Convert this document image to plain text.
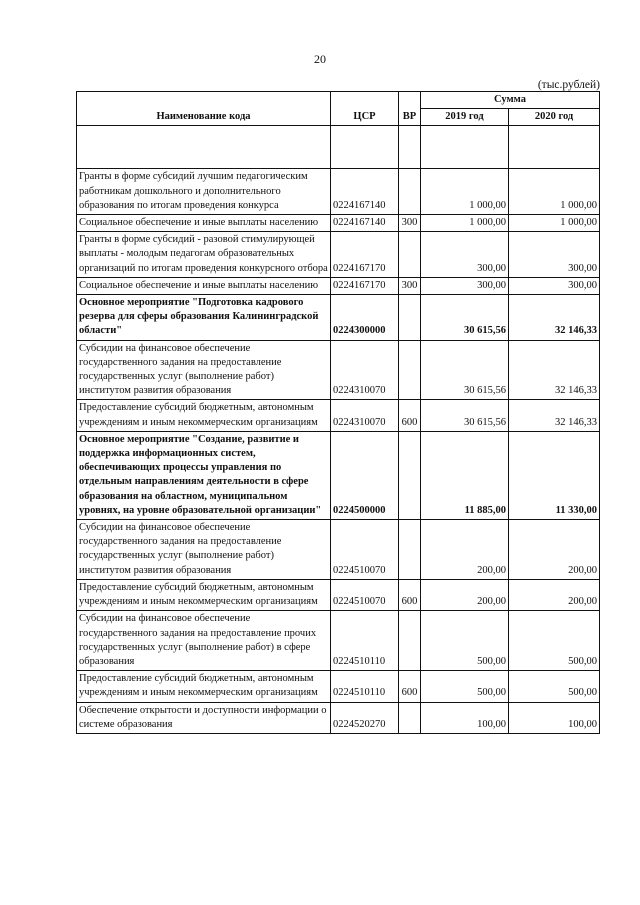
20
(тыс.рублей)
Наименование кода	ЦСР	ВР	Сумма	
			2019 год	2020 год

Гранты в форме субсидий лучшим педагогическим работникам дошкольного и дополнительного образования по итогам проведения конкурса	0224167140		1 000,00	1 000,00
Социальное обеспечение и иные выплаты населению	0224167140	300	1 000,00	1 000,00
Гранты в форме субсидий - разовой стимулирующей выплаты - молодым педагогам образовательных организаций по итогам проведения конкурсного отбора	0224167170		300,00	300,00
Социальное обеспечение и иные выплаты населению	0224167170	300	300,00	300,00
Основное мероприятие "Подготовка кадрового резерва для сферы образования Калининградской области"	0224300000		30 615,56	32 146,33
Субсидии на финансовое обеспечение государственного задания на предоставление государственных услуг (выполнение работ) институтом развития образования	0224310070		30 615,56	32 146,33
Предоставление субсидий бюджетным, автономным учреждениям и иным некоммерческим организациям	0224310070	600	30 615,56	32 146,33
Основное мероприятие "Создание, развитие и поддержка информационных систем, обеспечивающих процессы управления по отдельным направлениям деятельности в сфере образования на областном, муниципальном уровнях, на уровне образовательной организации"	0224500000		11 885,00	11 330,00
Субсидии на финансовое обеспечение государственного задания на предоставление государственных услуг (выполнение работ) институтом развития образования	0224510070		200,00	200,00
Предоставление субсидий бюджетным, автономным учреждениям и иным некоммерческим организациям	0224510070	600	200,00	200,00
Субсидии на финансовое обеспечение государственного задания на предоставление прочих государственных услуг (выполнение работ) в сфере образования	0224510110		500,00	500,00
Предоставление субсидий бюджетным, автономным учреждениям и иным некоммерческим организациям	0224510110	600	500,00	500,00
Обеспечение открытости и доступности информации о системе образования	0224520270		100,00	100,00
